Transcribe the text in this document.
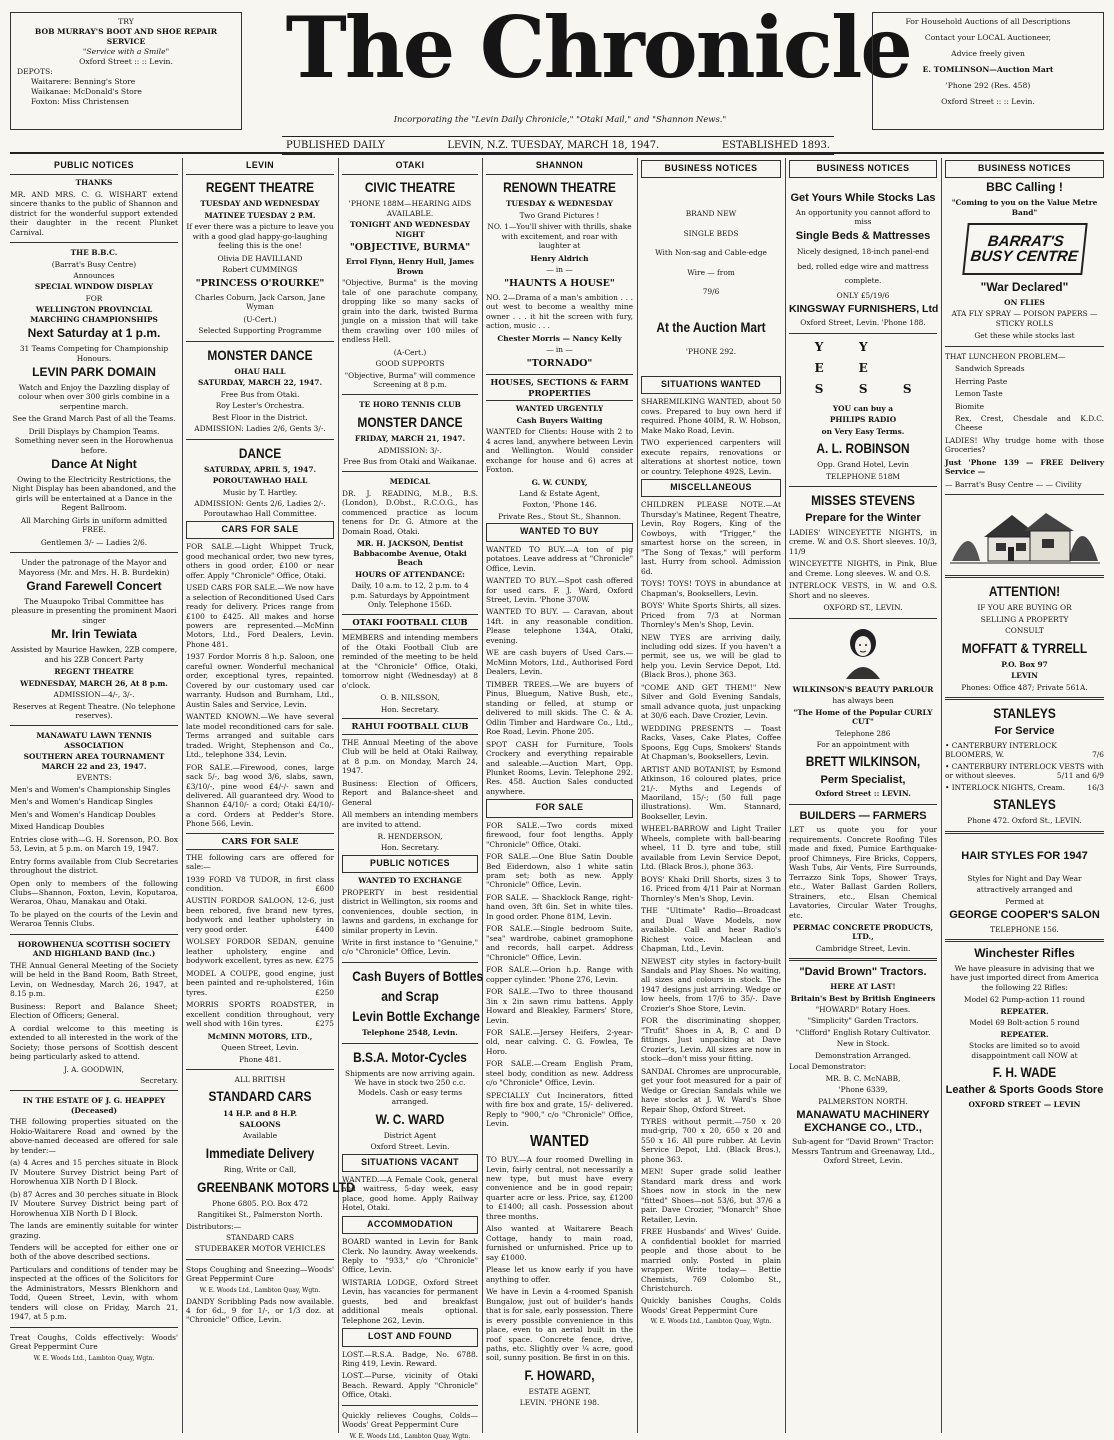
TRY
BOB MURRAY'S BOOT AND SHOE REPAIR
SERVICE
"Service with a Smile"
Oxford Street :: :: Levin.
DEPOTS:
Waitarere: Benning's Store
Waikanae: McDonald's Store
Foxton: Miss Christensen
The Chronicle
Incorporating the "Levin Daily Chronicle," "Otaki Mail," and "Shannon News."
PUBLISHED DAILY	LEVIN, N.Z. TUESDAY, MARCH 18, 1947.	ESTABLISHED 1893.
For Household Auctions of all Descriptions
Contact your LOCAL Auctioneer,
Advice freely given
E. TOMLINSON—Auction Mart
'Phone 292 (Res. 458)
Oxford Street :: :: Levin.
PUBLIC NOTICES
THANKS
MR. AND MRS. C. G. WISHART extend sincere thanks to the public of Shannon and district for the wonderful support extended their daughter in the recent Plunket Carnival.
THE B.B.C.
(Barrat's Busy Centre)
Announces
SPECIAL WINDOW DISPLAY
FOR
WELLINGTON PROVINCIAL MARCHING CHAMPIONSHIPS
Next Saturday at 1 p.m.
31 Teams Competing for Championship Honours.
LEVIN PARK DOMAIN
Watch and Enjoy the Dazzling display of colour when over 300 girls combine in a serpentine march.
See the Grand March Past of all the Teams.
Drill Displays by Champion Teams. Something never seen in the Horowhenua before.
Dance At Night
Owing to the Electricity Restrictions, the Night Display has been abandoned, and the girls will be entertained at a Dance in the Regent Ballroom.
All Marching Girls in uniform admitted FREE.
Gentlemen 3/- — Ladies 2/6.
Under the patronage of the Mayor and Mayoress (Mr. and Mrs. H. B. Burdekin)
Grand Farewell Concert
The Muaupoko Tribal Committee has pleasure in presenting the prominent Maori singer
Mr. Irin Tewiata
Assisted by Maurice Hawken, 2ZB compere, and his 2ZB Concert Party
REGENT THEATRE
WEDNESDAY, MARCH 26, At 8 p.m.
ADMISSION—4/-, 3/-.
Reserves at Regent Theatre. (No telephone reserves).
MANAWATU LAWN TENNIS ASSOCIATION
SOUTHERN AREA TOURNAMENT MARCH 22 and 23, 1947.
EVENTS:
Men's and Women's Championship Singles
Men's and Women's Handicap Singles
Men's and Women's Handicap Doubles
Mixed Handicap Doubles
Entries close with—G. H. Sorenson, P.O. Box 53, Levin, at 5 p.m. on March 19, 1947.
Entry forms available from Club Secretaries throughout the district.
Open only to members of the following Clubs—Shannon, Foxton, Levin, Koputaroa, Weraroa, Ohau, Manakau and Otaki.
To be played on the courts of the Levin and Weraroa Tennis Clubs.
HOROWHENUA SCOTTISH SOCIETY AND HIGHLAND BAND (Inc.)
THE Annual General Meeting of the Society will be held in the Band Room, Bath Street, Levin, on Wednesday, March 26, 1947, at 8.15 p.m.
Business: Report and Balance Sheet; Election of Officers; General.
A cordial welcome to this meeting is extended to all interested in the work of the Society; those persons of Scottish descent being particularly asked to attend.
J. A. GOODWIN,
Secretary.
IN THE ESTATE OF J. G. HEAPPEY (Deceased)
THE following properties situated on the Hokio-Waitarere Road and owned by the above-named deceased are offered for sale by tender:—
(a) 4 Acres and 15 perches situate in Block IV Moutere Survey District being Part of Horowhenua XIB North D I Block.
(b) 87 Acres and 30 perches situate in Block IV Moutere Survey District being part of Horowhenua XIB North D I Block.
The lands are eminently suitable for winter grazing.
Tenders will be accepted for either one or both of the above described sections.
Particulars and conditions of tender may be inspected at the offices of the Solicitors for the Administrators, Messrs Blenkhorn and Todd, Queen Street, Levin, with whom tenders will close on Friday, March 21, 1947, at 5 p.m.
Treat Coughs, Colds effectively: Woods' Great Peppermint Cure
W. E. Woods Ltd., Lambton Quay, Wgtn.
LEVIN
REGENT THEATRE
TUESDAY AND WEDNESDAY
MATINEE TUESDAY 2 P.M.
If ever there was a picture to leave you with a good glad happy-go-laughing feeling this is the one!
Olivia DE HAVILLAND
Robert CUMMINGS
"PRINCESS O'ROURKE"
Charles Coburn, Jack Carson, Jane Wyman
(U-Cert.)
Selected Supporting Programme
MONSTER DANCE
OHAU HALL
SATURDAY, MARCH 22, 1947.
Free Bus from Otaki.
Roy Lester's Orchestra.
Best Floor in the District.
ADMISSION: Ladies 2/6, Gents 3/-.
DANCE
SATURDAY, APRIL 5, 1947.
POROUTAWHAO HALL
Music by T. Hartley.
ADMISSION: Gents 2/6, Ladies 2/-. Poroutawhao Hall Committee.
CARS FOR SALE
FOR SALE.—Light Whippet Truck, good mechanical order, two new tyres, others in good order, £100 or near offer. Apply "Chronicle" Office, Otaki.
USED CARS FOR SALE.—We now have a selection of Reconditioned Used Cars ready for delivery. Prices range from £100 to £425. All makes and horse powers are represented.—McMinn Motors, Ltd., Ford Dealers, Levin. Phone 481.
1937 Fordor Morris 8 h.p. Saloon, one careful owner. Wonderful mechanical order, exceptional tyres, repainted. Covered by our customary used car warranty. Hudson and Burnham, Ltd., Austin Sales and Service, Levin.
WANTED KNOWN.—We have several late model reconditioned cars for sale. Terms arranged and suitable cars traded. Wright, Stephenson and Co., Ltd., telephone 334, Levin.
FOR SALE.—Firewood, cones, large sack 5/-, bag wood 3/6, slabs, sawn, £3/10/-, pine wood £4/-/- sawn and delivered. All guaranteed dry. Wood to Shannon £4/10/- a cord; Otaki £4/10/- a cord. Orders at Pedder's Store. Phone 566, Levin.
CARS FOR SALE
THE following cars are offered for sale:—
1939 FORD V8 TUDOR, in first class condition.	£600
AUSTIN FORDOR SALOON, 12-6, just been rebored, five brand new tyres, bodywork and leather upholstery in very good order.	£400
WOLSEY FORDOR SEDAN, genuine leather upholstery, engine and bodywork excellent, tyres as new. £275
MODEL A COUPE, good engine, just been painted and re-upholstered, 16in tyres.	£250
MORRIS SPORTS ROADSTER, in excellent condition throughout, very well shod with 16in tyres.	£275
McMINN MOTORS, LTD.,
Queen Street, Levin.
Phone 481.
ALL BRITISH
STANDARD CARS
14 H.P. and 8 H.P.
SALOONS
Available
Immediate Delivery
Ring, Write or Call,
GREENBANK MOTORS LTD
Phone 6805. P.O. Box 472
Rangitikei St., Palmerston North.
Distributors:—
STANDARD CARS
STUDEBAKER MOTOR VEHICLES
Stops Coughing and Sneezing—Woods' Great Peppermint Cure
W. E. Woods Ltd., Lambton Quay, Wgtn.
DANDY Scribbling Pads now available. 4 for 6d., 9 for 1/-, or 1/3 doz. at "Chronicle" Office, Levin.
OTAKI
CIVIC THEATRE
'PHONE 188M—HEARING AIDS AVAILABLE.
TONIGHT AND WEDNESDAY NIGHT
"OBJECTIVE, BURMA"
Errol Flynn, Henry Hull, James Brown
"Objective, Burma" is the moving tale of one parachute company, dropping like so many sacks of grain into the dark, twisted Burma jungle on a mission that will take them crawling over 100 miles of endless Hell.
(A-Cert.)
GOOD SUPPORTS
"Objective, Burma" will commence Screening at 8 p.m.
TE HORO TENNIS CLUB
MONSTER DANCE
FRIDAY, MARCH 21, 1947.
ADMISSION: 3/-.
Free Bus from Otaki and Waikanae.
MEDICAL
DR. J. READING, M.B., B.S. (London), D.Obst., R.C.O.G., has commenced practice as locum tenens for Dr. G. Atmore at the Domain Road, Otaki.
MR. H. JACKSON, Dentist Babbacombe Avenue, Otaki Beach
HOURS OF ATTENDANCE:
Daily, 10 a.m. to 12, 2 p.m. to 4 p.m. Saturdays by Appointment Only. Telephone 156D.
OTAKI FOOTBALL CLUB
MEMBERS and intending members of the Otaki Football Club are reminded of the meeting to be held at the "Chronicle" Office, Otaki, tomorrow night (Wednesday) at 8 o'clock.
O. B. NILSSON,
Hon. Secretary.
RAHUI FOOTBALL CLUB
THE Annual Meeting of the above Club will be held at Otaki Railway, at 8 p.m. on Monday, March 24, 1947.
Business: Election of Officers, Report and Balance-sheet and General
All members an intending members are invited to attend.
R. HENDERSON,
Hon. Secretary.
PUBLIC NOTICES
WANTED TO EXCHANGE
PROPERTY in best residential district in Wellington, six rooms and conveniences, double section, in lawns and gardens, in exchange for similar property in Levin.
Write in first instance to "Genuine," c/o "Chronicle" Office, Levin.
Cash Buyers of Bottles
and Scrap
Levin Bottle Exchange
Telephone 2548, Levin.
B.S.A. Motor-Cycles
Shipments are now arriving again. We have in stock two 250 c.c. Models. Cash or easy terms arranged.
W. C. WARD
District Agent
Oxford Street. Levin.
SITUATIONS VACANT
WANTED.—A Female Cook, general and waitress, 5-day week, easy place, good home. Apply Railway Hotel, Otaki.
ACCOMMODATION
BOARD wanted in Levin for Bank Clerk. No laundry. Away weekends. Reply to "933," c/o "Chronicle" Office, Levin.
WISTARIA LODGE, Oxford Street Levin, has vacancies for permanent guests, bed and breakfast additional meals optional. Telephone 262, Levin.
LOST AND FOUND
LOST.—R.S.A. Badge, No. 6788. Ring 419, Levin. Reward.
LOST.—Purse, vicinity of Otaki Beach. Reward. Apply "Chronicle" Office, Otaki.
Quickly relieves Coughs, Colds—Woods' Great Peppermint Cure
W. E. Woods Ltd., Lambton Quay, Wgtn.
SHANNON
RENOWN THEATRE
TUESDAY & WEDNESDAY
Two Grand Pictures !
NO. 1—You'll shiver with thrills, shake with excitement, and roar with laughter at
Henry Aldrich
— in —
"HAUNTS A HOUSE"
NO. 2—Drama of a man's ambition . . . out west to become a wealthy mine owner . . . it hit the screen with fury, action, music . . .
Chester Morris — Nancy Kelly
— in —
"TORNADO"
HOUSES, SECTIONS & FARM PROPERTIES
WANTED URGENTLY
Cash Buyers Waiting
WANTED for Clients: House with 2 to 4 acres land, anywhere between Levin and Wellington. Would consider exchange for house and 6) acres at Foxton.
G. W. CUNDY,
Land & Estate Agent,
Foxton, 'Phone 146.
Private Res., Stout St., Shannon.
WANTED TO BUY
WANTED TO BUY.—A ton of pig potatoes. Leave address at "Chronicle" Office, Levin.
WANTED TO BUY.—Spot cash offered for used cars. F. J. Ward, Oxford Street, Levin. 'Phone 370W.
WANTED TO BUY. — Caravan, about 14ft. in any reasonable condition. Please telephone 134A, Otaki, evening.
WE are cash buyers of Used Cars.—McMinn Motors, Ltd., Authorised Ford Dealers, Levin.
TIMBER TREES.—We are buyers of Pinus, Bluegum, Native Bush, etc., standing or felled, at stump or delivered to mill skids. The C. & A. Odlin Timber and Hardware Co., Ltd., Roe Road, Levin. Phone 205.
SPOT CASH for Furniture, Tools Crockery and everything repairable and saleable.—Auction Mart, Opp. Plunket Rooms, Levin. Telephone 292. Res. 458. Auction Sales conducted anywhere.
FOR SALE
FOR SALE.—Two cords mixed firewood, four foot lengths. Apply "Chronicle" Office, Otaki.
FOR SALE.—One Blue Satin Double Bed Eiderdown, also 1 white satin pram set; both as new. Apply "Chronicle" Office, Levin.
FOR SALE. — Shacklock Range, right-hand oven, 3ft 6in. Set in white tiles. In good order. Phone 81M, Levin.
FOR SALE.—Single bedroom Suite, "sea" wardrobe, cabinet gramophone and records, hall carpet. Address "Chronicle" Office, Levin.
FOR SALE.—Orion h.p. Range with copper cylinder. 'Phone 276, Levin.
FOR SALE.—Two to three thousand 3in x 2in sawn rimu battens. Apply Howard and Bleakley, Farmers' Store, Levin.
FOR SALE.—Jersey Heifers, 2-year-old, near calving. C. G. Fowlea, Te Horo.
FOR SALE.—Cream English Pram, steel body, condition as new. Address c/o "Chronicle" Office, Levin.
SPECIALLY Cut Incinerators, fitted with fire box and grate, 15/- delivered. Reply to "900," c/o "Chronicle" Office, Levin.
WANTED
TO BUY.—A four roomed Dwelling in Levin, fairly central, not necessarily a new type, but must have every convenience and be in good repair; quarter acre or less. Price, say, £1200 to £1400; all cash. Possession about three months.
Also wanted at Waitarere Beach Cottage, handy to main road, furnished or unfurnished. Price up to say £1000.
Please let us know early if you have anything to offer.
We have in Levin a 4-roomed Spanish Bungalow, just out of builder's hands that is for sale, early possession. There is every possible convenience in this place, even to an aerial built in the roof space. Concrete fence, drive, paths, etc. Slightly over ¼ acre, good soil, sunny position. Be first in on this.
F. HOWARD,
ESTATE AGENT,
LEVIN. 'PHONE 198.
BUSINESS NOTICES
BRAND NEW
SINGLE BEDS
With Non-sag and Cable-edge
Wire — from
79/6
At the Auction Mart
'PHONE 292.
SITUATIONS WANTED
SHAREMILKING WANTED, about 50 cows. Prepared to buy own herd if required. Phone 40IM, R. W. Hobson, Make Mako Road, Levin.
TWO experienced carpenters will execute repairs, renovations or alterations at shortest notice, town or country. Telephone 492S, Levin.
MISCELLANEOUS
CHILDREN PLEASE NOTE.—At Thursday's Matinee, Regent Theatre, Levin, Roy Rogers, King of the Cowboys, with "Trigger," the smartest horse on the screen, in "The Song of Texas," will perform last. Hurry from school. Admission 6d.
TOYS! TOYS! TOYS in abundance at Chapman's, Booksellers, Levin.
BOYS' White Sports Shirts, all sizes. Priced from 7/3 at Norman Thornley's Men's Shop, Levin.
NEW TYES are arriving daily, including odd sizes. If you haven't a permit, see us, we will be glad to help you. Levin Service Depot, Ltd. (Black Bros.), phone 363.
"COME AND GET THEM!" New Silver and Gold Evening Sandals, small advance quota, just unpacking at 30/6 each. Dave Crozier, Levin.
WEDDING PRESENTS — Toast Racks, Vases, Cake Plates, Coffee Spoons, Egg Cups, Smokers' Stands At Chapman's, Booksellers, Levin.
ARTIST AND BOTANIST, by Esmond Atkinson, 16 coloured plates, price 21/-. Myths and Legends of Maoriland, 15/-; (50 full page illustrations). Wm. Stannard, Bookseller, Levin.
WHEEL-BARROW and Light Trailer Wheels, complete with ball-bearing wheel, 11 D. tyre and tube, still available from Levin Service Depot, Ltd. (Black Bros.), phone 363.
BOYS' Khaki Drill Shorts, sizes 3 to 16. Priced from 4/11 Pair at Norman Thornley's Men's Shop, Levin.
THE "Ultimate" Radio—Broadcast and Dual Wave Models, now available. Call and hear Radio's Richest voice. Maclean and Chapman, Ltd., Levin.
NEWEST city styles in factory-built Sandals and Play Shoes. No waiting, all sizes and colours in stock. The 1947 designs just arriving. Wedge or low heels, from 17/6 to 35/-. Dave Crozier's Shoe Store, Levin.
FOR the discriminating shopper, "Trufit" Shoes in A, B, C and D fittings. Just unpacking at Dave Crozier's, Levin. All sizes are now in stock—don't miss your fitting.
SANDAL Chromes are unprocurable, get your foot measured for a pair of Wedge or Grecian Sandals while we have stocks at J. W. Ward's Shoe Repair Shop, Oxford Street.
TYRES without permit.—750 x 20 mud-grip, 700 x 20, 650 x 20 and 550 x 16. All pure rubber. At Levin Service Depot, Ltd. (Black Bros.), phone 363.
MEN! Super grade solid leather Standard mark dress and work Shoes now in stock in the new "fitted" Shoes—not 53/6, but 37/6 a pair. Dave Crozier, "Monarch" Shoe Retailer, Levin.
FREE Husbands' and Wives' Guide. A confidential booklet for married people and those about to be married only. Posted in plain wrapper. Write today— Bettie Chemists, 769 Colombo St., Christchurch.
Quickly banishes Coughs, Colds Woods' Great Peppermint Cure
W. E. Woods Ltd., Lambton Quay, Wgtn.
BUSINESS NOTICES
Get Yours While Stocks Las
An opportunity you cannot afford to miss
Single Beds & Mattresses
Nicely designed, 18-inch panel-end bed, rolled edge wire and mattress complete.
ONLY £5/19/6
KINGSWAY FURNISHERS, Ltd
Oxford Street, Levin. 'Phone 188.
Y
E
S
Y
E
S	S
YOU can buy a
PHILIPS RADIO
on Very Easy Terms.
A. L. ROBINSON
Opp. Grand Hotel, Levin
TELEPHONE 518M
MISSES STEVENS
Prepare for the Winter
LADIES' WINCEYETTE NIGHTS, in creme. W. and O.S. Short sleeves. 10/3, 11/9
WINCEYETTE NIGHTS, in Pink, Blue and Creme. Long sleeves. W. and O.S.
INTERLOCK VESTS, in W. and O.S. Short and no sleeves.
OXFORD ST., LEVIN.
WILKINSON'S BEAUTY PARLOUR
has always been
"The Home of the Popular CURLY CUT"
Telephone 286
For an appointment with
BRETT WILKINSON,
Perm Specialist,
Oxford Street :: LEVIN.
BUILDERS — FARMERS
LET us quote you for your requirements. Concrete Roofing Tiles made and fixed, Pumice Earthquake-proof Chimneys, Fire Bricks, Coppers, Wash Tubs, Air Vents, Fire Surrounds, Terrazzo Sink Tops, Shower Trays, etc., Water Ballast Garden Rollers, Strainers, etc., Elsan Chemical Lavatories, Circular Water Troughs, etc.
PERMAC CONCRETE PRODUCTS, LTD.,
Cambridge Street, Levin.
"David Brown" Tractors.
HERE AT LAST!
Britain's Best by British Engineers
"HOWARD" Rotary Hoes.
"Simplicity" Garden Tractors.
"Clifford" English Rotary Cultivator.
New in Stock.
Demonstration Arranged.
Local Demonstrator:
MR. B. C. McNABB,
'Phone 6339,
PALMERSTON NORTH.
MANAWATU MACHINERY EXCHANGE CO., LTD.,
Sub-agent for "David Brown" Tractor: Messrs Tantrum and Greenaway, Ltd., Oxford Street, Levin.
BUSINESS NOTICES
BBC Calling !
"Coming to you on the Value Metre Band"
BARRAT'S BUSY CENTRE
"War Declared"
ON FLIES
ATA FLY SPRAY — POISON PAPERS — STICKY ROLLS
Get these while stocks last
THAT LUNCHEON PROBLEM—
Sandwich Spreads
Herring Paste
Lemon Taste
Biomite
Rex, Crest, Chesdale and K.D.C. Cheese
LADIES! Why trudge home with those Groceries?
Just 'Phone 139 — FREE Delivery Service —
— Barrat's Busy Centre — — Civility
ATTENTION!
IF YOU ARE BUYING OR
SELLING A PROPERTY
CONSULT
MOFFATT & TYRRELL
P.O. Box 97
LEVIN
Phones: Office 487; Private 561A.
STANLEYS
For Service
• CANTERBURY INTERLOCK BLOOMERS, W.	7/6
• CANTERBURY INTERLOCK VESTS with or without sleeves.	5/11 and 6/9
• INTERLOCK NIGHTS, Cream.	16/3
STANLEYS
Phone 472. Oxford St., LEVIN.
HAIR STYLES FOR 1947
Styles for Night and Day Wear
attractively arranged and
Permed at
GEORGE COOPER'S SALON
TELEPHONE 156.
Winchester Rifles
We have pleasure in advising that we have just imported direct from America the following 22 Rifles:
Model 62 Pump-action 11 round
REPEATER.
Model 69 Bolt-action 5 round
REPEATER.
Stocks are limited so to avoid disappointment call NOW at
F. H. WADE
Leather & Sports Goods Store
OXFORD STREET — LEVIN
